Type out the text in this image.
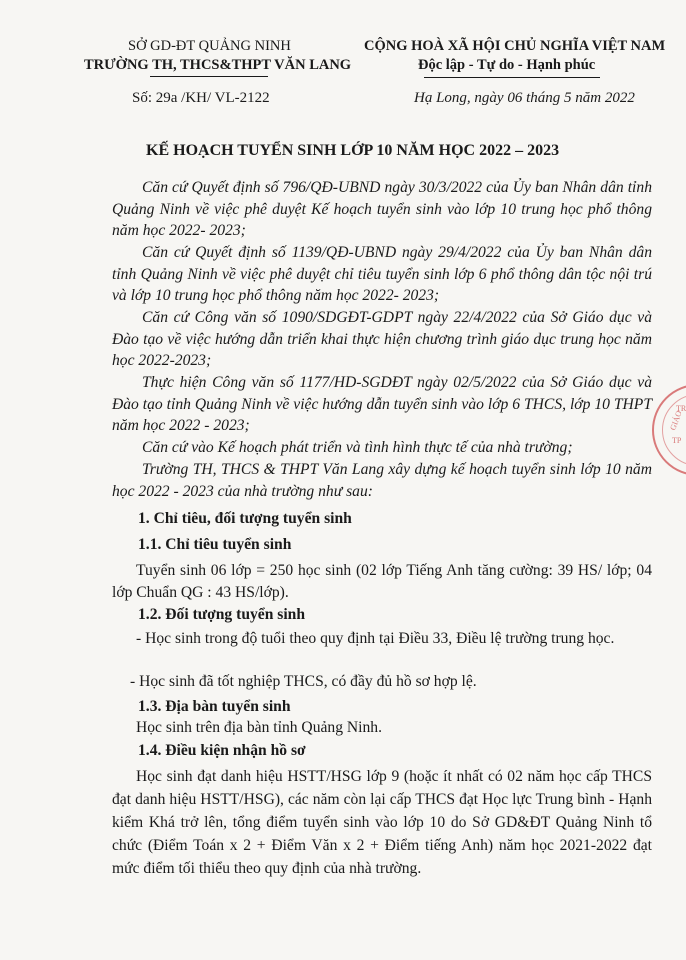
SỞ GD-ĐT QUẢNG NINH
TRƯỜNG TH, THCS&THPT VĂN LANG
CỘNG HOÀ XÃ HỘI CHỦ NGHĨA VIỆT NAM
Độc lập - Tự do - Hạnh phúc
Số: 29a /KH/ VL-2122	Hạ Long, ngày 06 tháng 5 năm 2022
KẾ HOẠCH TUYỂN SINH LỚP 10 NĂM HỌC 2022 – 2023
Căn cứ Quyết định số 796/QĐ-UBND ngày 30/3/2022 của Ủy ban Nhân dân tỉnh Quảng Ninh về việc phê duyệt Kế hoạch tuyển sinh vào lớp 10 trung học phổ thông năm học 2022- 2023;
Căn cứ Quyết định số 1139/QĐ-UBND ngày 29/4/2022 của Ủy ban Nhân dân tỉnh Quảng Ninh về việc phê duyệt chỉ tiêu tuyển sinh lớp 6 phổ thông dân tộc nội trú và lớp 10 trung học phổ thông năm học 2022- 2023;
Căn cứ Công văn số 1090/SDGĐT-GDPT ngày 22/4/2022 của Sở Giáo dục và Đào tạo về việc hướng dẫn triển khai thực hiện chương trình giáo dục trung học năm học 2022-2023;
Thực hiện Công văn số 1177/HD-SGDĐT ngày 02/5/2022 của Sở Giáo dục và Đào tạo tỉnh Quảng Ninh về việc hướng dẫn tuyển sinh vào lớp 6 THCS, lớp 10 THPT năm học 2022 - 2023;
Căn cứ vào Kế hoạch phát triển và tình hình thực tế của nhà trường;
Trường TH, THCS & THPT Văn Lang xây dựng kế hoạch tuyển sinh lớp 10 năm học 2022 - 2023 của nhà trường như sau:
1. Chỉ tiêu, đối tượng tuyển sinh
1.1. Chỉ tiêu tuyển sinh
Tuyển sinh 06 lớp = 250 học sinh (02 lớp Tiếng Anh tăng cường: 39 HS/ lớp; 04 lớp Chuẩn QG : 43 HS/lớp).
1.2. Đối tượng tuyển sinh
- Học sinh trong độ tuổi theo quy định tại Điều 33, Điều lệ trường trung học.
- Học sinh đã tốt nghiệp THCS, có đầy đủ hồ sơ hợp lệ.
1.3. Địa bàn tuyển sinh
Học sinh trên địa bàn tỉnh Quảng Ninh.
1.4. Điều kiện nhận hồ sơ
Học sinh đạt danh hiệu HSTT/HSG lớp 9 (hoặc ít nhất có 02 năm học cấp THCS đạt danh hiệu HSTT/HSG), các năm còn lại cấp THCS đạt Học lực Trung bình - Hạnh kiểm Khá trở lên, tổng điểm tuyển sinh vào lớp 10 do Sở GD&ĐT Quảng Ninh tổ chức (Điểm Toán x 2 + Điểm Văn x 2 + Điểm tiếng Anh) năm học 2021-2022 đạt mức điểm tối thiểu theo quy định của nhà trường.
GIÁO
TR
TP
